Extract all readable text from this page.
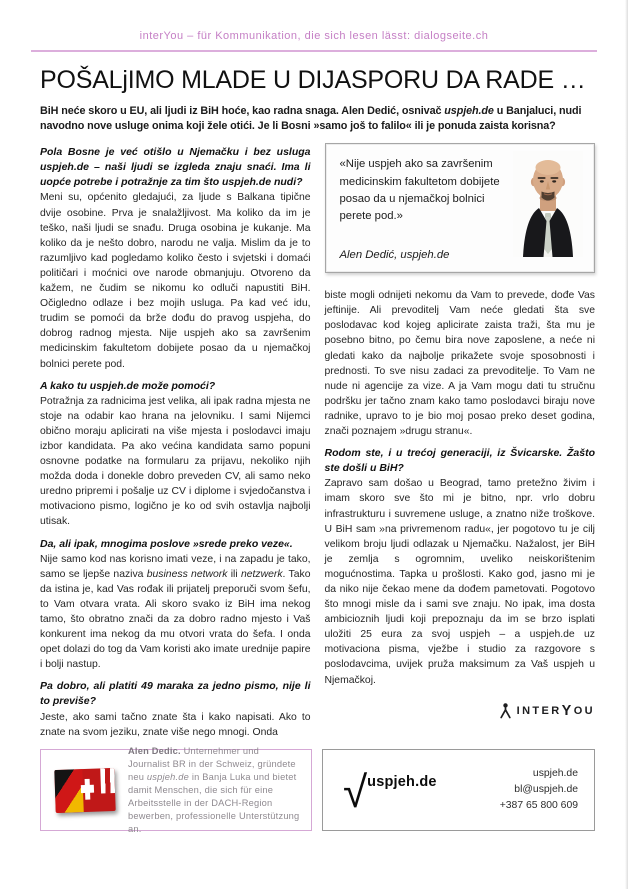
interYou – für Kommunikation, die sich lesen lässt: dialogseite.ch
POŠALjIMO MLADE U DIJASPORU DA RADE …

BiH neće skoro u EU, ali ljudi iz BiH hoće, kao radna snaga. Alen Dedić, osnivač uspjeh.de u Banjaluci, nudi navodno nove usluge onima koji žele otići. Je li Bosni »samo još to falilo« ili je ponuda zaista korisna?

Pola Bosne je već otišlo u Njemačku i bez usluga uspjeh.de – naši ljudi se izgleda znaju snaći. Ima li uopće potrebe i potražnje za tim što uspjeh.de nudi?

Meni su, općenito gledajući, za ljude s Balkana tipične dvije osobine. Prva je snalažljivost. Ma koliko da im je teško, naši ljudi se snađu. Druga osobina je kukanje. Ma koliko da je nešto dobro, narodu ne valja. Mislim da je to razumljivo kad pogledamo koliko često i svjetski i domaći političari i moćnici ove narode obmanjuju. Otvoreno da kažem, ne čudim se nikomu ko odluči napustiti BiH. Očigledno odlaze i bez mojih usluga. Pa kad već idu, trudim se pomoći da brže dođu do pravog uspjeha, do dobrog radnog mjesta. Nije uspjeh ako sa završenim medicinskim fakultetom dobijete posao da u njemačkoj bolnici perete pod.

A kako tu uspjeh.de može pomoći?

Potražnja za radnicima jest velika, ali ipak radna mjesta ne stoje na odabir kao hrana na jelovniku. I sami Nijemci obično moraju aplicirati na više mjesta i poslodavci imaju izbor kandidata. Pa ako većina kandidata samo popuni osnovne podatke na formularu za prijavu, nekoliko njih možda doda i donekle dobro preveden CV, ali samo neko uredno pripremi i pošalje uz CV i diplome i svjedočanstva i motivaciono pismo, logično je ko od svih ostavlja najbolji utisak.

Da, ali ipak, mnogima poslove »srede preko veze«.

Nije samo kod nas korisno imati veze, i na zapadu je tako, samo se ljepše naziva business network ili netzwerk. Tako da istina je, kad Vas rođak ili prijatelj preporuči svom šefu, to Vam otvara vrata. Ali skoro svako iz BiH ima nekog tamo, što obratno znači da za dobro radno mjesto i Vaš konkurent ima nekog da mu otvori vrata do šefa. I onda opet dolazi do tog da Vam koristi ako imate urednije papire i bolji nastup.

Pa dobro, ali platiti 49 maraka za jedno pismo, nije li to previše?

Jeste, ako sami tačno znate šta i kako napisati. Ako to znate na svom jeziku, znate više nego mnogi. Onda

«Nije uspjeh ako sa završenim medicinskim fakultetom dobijete posao da u njemačkoj bolnici perete pod.»
Alen Dedić, uspjeh.de

biste mogli odnijeti nekomu da Vam to prevede, dođe Vas jeftinije. Ali prevoditelj Vam neće gledati šta sve poslodavac kod kojeg aplicirate zaista traži, šta mu je posebno bitno, po čemu bira nove zaposlene, a neće ni gledati kako da najbolje prikažete svoje sposobnosti i prednosti. To sve nisu zadaci za prevoditelje. To Vam ne nude ni agencije za vize. A ja Vam mogu dati tu stručnu podršku jer tačno znam kako tamo poslodavci biraju nove radnike, upravo to je bio moj posao preko deset godina, znači poznajem »drugu stranu«.

Rodom ste, i u trećoj generaciji, iz Švicarske. Žašto ste došli u BiH?

Zapravo sam došao u Beograd, tamo pretežno živim i imam skoro sve što mi je bitno, npr. vrlo dobru infrastrukturu i suvremene usluge, a znatno niže troškove. U BiH sam »na privremenom radu«, jer pogotovo tu je cilj velikom broju ljudi odlazak u Njemačku. Nažalost, jer BiH je zemlja s ogromnim, uveliko neiskorištenim mogućnostima. Tapka u prošlosti. Kako god, jasno mi je da niko nije čekao mene da dođem pametovati. Pogotovo što mnogi misle da i sami sve znaju. No ipak, ima dosta ambicioznih ljudi koji prepoznaju da im se brzo isplati uložiti 25 eura za svoj uspjeh – a uspjeh.de uz motivaciona pisma, vježbe i studio za razgovore s poslodavcima, uvijek pruža maksimum za Vaš uspjeh u Njemačkoj.

INTER Y OU

Alen Dedic. Unternehmer und Journalist BR in der Schweiz, gründete neu uspjeh.de in Banja Luka und bietet damit Menschen, die sich für eine Arbeitsstelle in der DACH-Region bewerben, professionelle Unterstützung an.

√ uspjeh.de
uspjeh.de
bl@uspjeh.de
+387 65 800 609
